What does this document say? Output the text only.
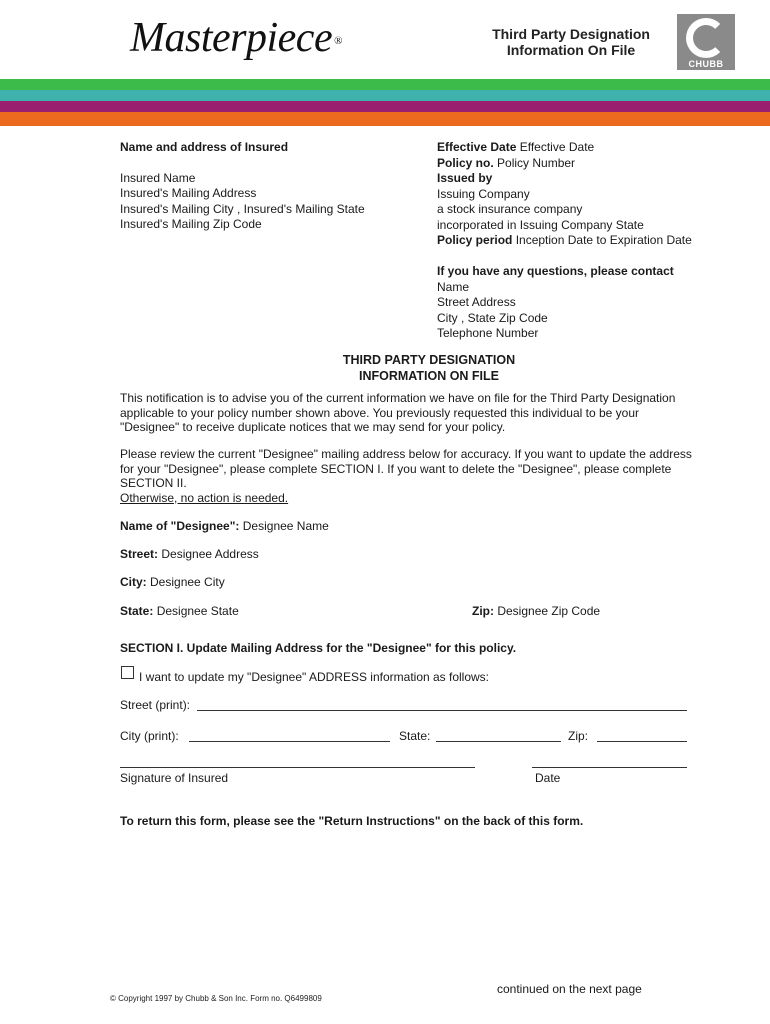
Masterpiece ®	Third Party Designation
Information On File
CHUBB
Name and address of Insured
Insured Name
Insured's Mailing Address
Insured's Mailing City , Insured's Mailing State
Insured's Mailing Zip Code
Effective Date Effective Date
Policy no. Policy Number
Issued by
Issuing Company
a stock insurance company
incorporated in Issuing Company State
Policy period Inception Date to Expiration Date
If you have any questions, please contact
Name
Street Address
City , State Zip Code
Telephone Number
THIRD PARTY DESIGNATION
INFORMATION ON FILE
This notification is to advise you of the current information we have on file for the Third Party Designation
applicable to your policy number shown above. You previously requested this individual to be your
"Designee" to receive duplicate notices that we may send for your policy.
Please review the current "Designee" mailing address below for accuracy. If you want to update the address
for your "Designee", please complete SECTION I. If you want to delete the "Designee", please complete
SECTION II.
Otherwise, no action is needed.
Name of "Designee": Designee Name
Street: Designee Address
City: Designee City
State: Designee State	Zip: Designee Zip Code
SECTION I. Update Mailing Address for the "Designee" for this policy.
I want to update my "Designee" ADDRESS information as follows:
Street (print):
City (print):	State:	Zip:
Signature of Insured	Date
To return this form, please see the "Return Instructions" on the back of this form.
continued on the next page
© Copyright 1997 by Chubb & Son Inc. Form no. Q6499809
